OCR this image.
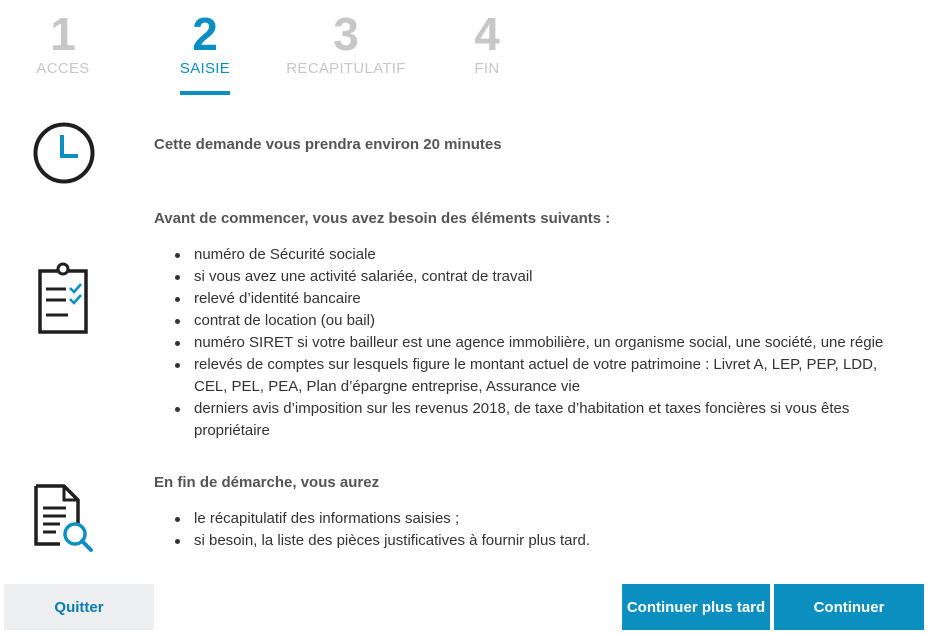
1
ACCES
2
SAISIE
3
RECAPITULATIF
4
FIN
Cette demande vous prendra environ 20 minutes
Avant de commencer, vous avez besoin des éléments suivants :
numéro de Sécurité sociale
si vous avez une activité salariée, contrat de travail
relevé d’identité bancaire
contrat de location (ou bail)
numéro SIRET si votre bailleur est une agence immobilière, un organisme social, une société, une régie
relevés de comptes sur lesquels figure le montant actuel de votre patrimoine : Livret A, LEP, PEP, LDD,
CEL, PEL, PEA, Plan d’épargne entreprise, Assurance vie
derniers avis d’imposition sur les revenus 2018, de taxe d’habitation et taxes foncières si vous êtes
propriétaire
En fin de démarche, vous aurez
le récapitulatif des informations saisies ;
si besoin, la liste des pièces justificatives à fournir plus tard.
Quitter	Continuer plus tard	Continuer
